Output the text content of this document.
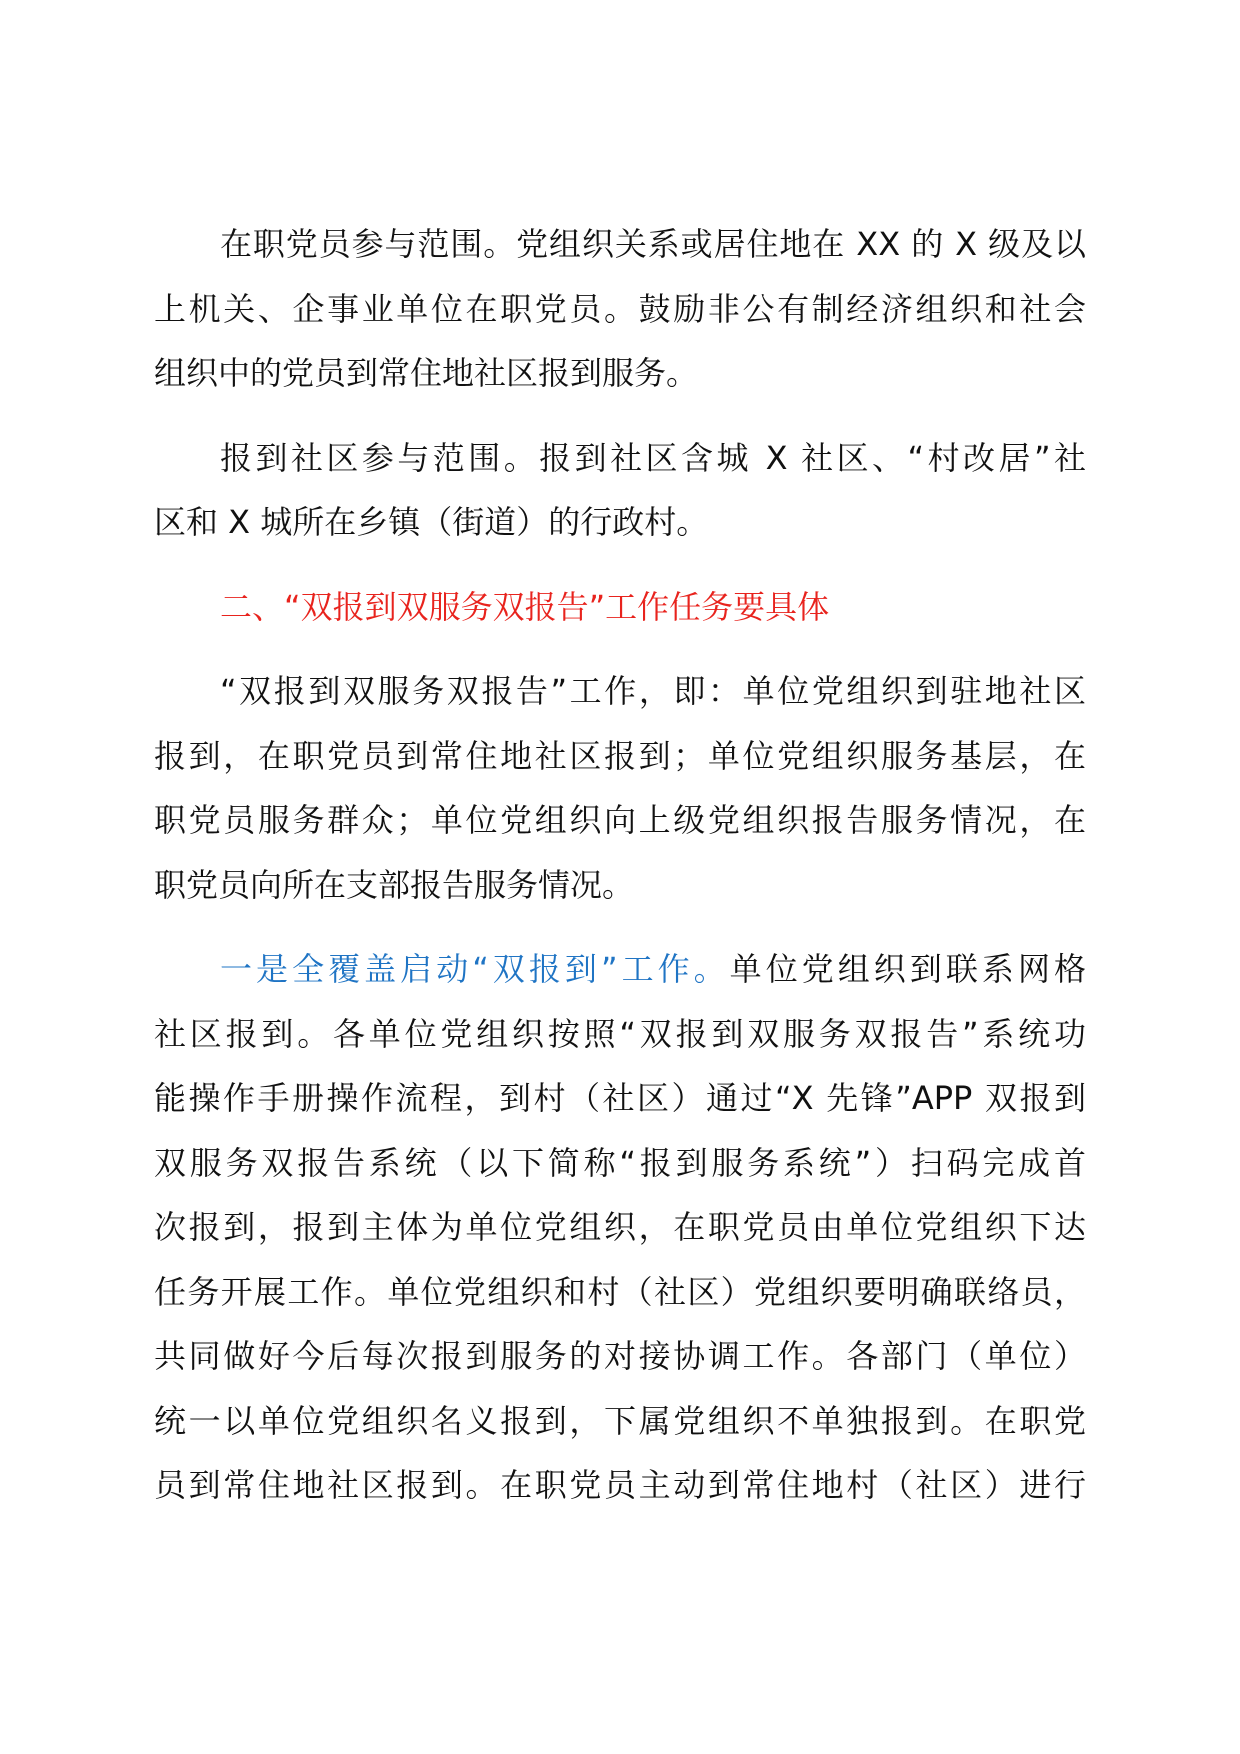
在职党员参与范围。党组织关系或居住地在 XX 的 X 级及以
上机关、企事业单位在职党员。鼓励非公有制经济组织和社会
组织中的党员到常住地社区报到服务。
报到社区参与范围。报到社区含城 X 社区、“村改居”社
区和 X 城所在乡镇（街道）的行政村。
二、“双报到双服务双报告”工作任务要具体
“双报到双服务双报告”工作，即：单位党组织到驻地社区
报到，在职党员到常住地社区报到；单位党组织服务基层，在
职党员服务群众；单位党组织向上级党组织报告服务情况，在
职党员向所在支部报告服务情况。
一是全覆盖启动“双报到”工作。单位党组织到联系网格
社区报到。各单位党组织按照“双报到双服务双报告”系统功
能操作手册操作流程，到村（社区）通过“X 先锋”APP 双报到
双服务双报告系统（以下简称“报到服务系统”）扫码完成首
次报到，报到主体为单位党组织，在职党员由单位党组织下达
任务开展工作。单位党组织和村（社区）党组织要明确联络员，
共同做好今后每次报到服务的对接协调工作。各部门（单位）
统一以单位党组织名义报到，下属党组织不单独报到。在职党
员到常住地社区报到。在职党员主动到常住地村（社区）进行
